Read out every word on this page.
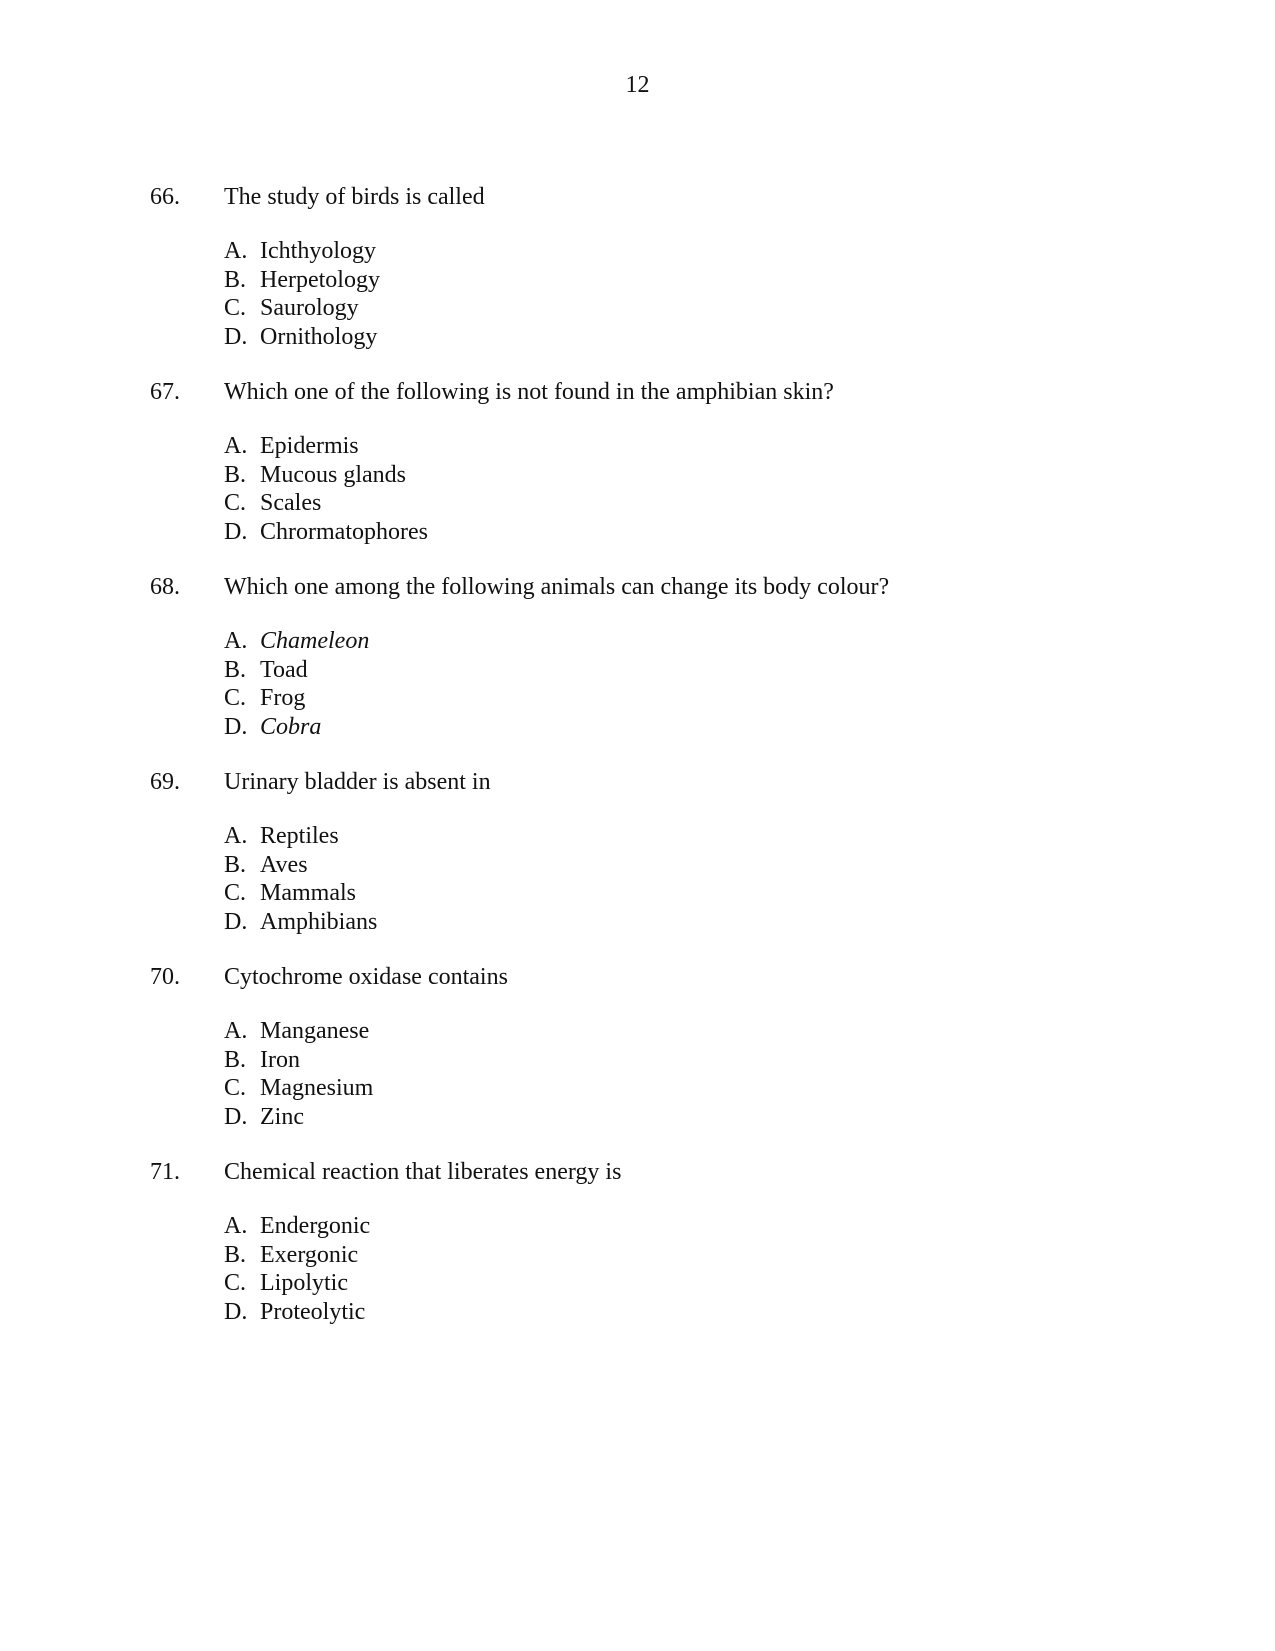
12
66.	The study of birds is called
A. Ichthyology
B. Herpetology
C. Saurology
D. Ornithology
67.	Which one of the following is not found in the amphibian skin?
A. Epidermis
B. Mucous glands
C. Scales
D. Chrormatophores
68.	Which one among the following animals can change its body colour?
A. Chameleon
B. Toad
C. Frog
D. Cobra
69.	Urinary bladder is absent in
A. Reptiles
B. Aves
C. Mammals
D. Amphibians
70.	Cytochrome oxidase contains
A. Manganese
B. Iron
C. Magnesium
D. Zinc
71.	Chemical reaction that liberates energy is
A. Endergonic
B. Exergonic
C. Lipolytic
D. Proteolytic
